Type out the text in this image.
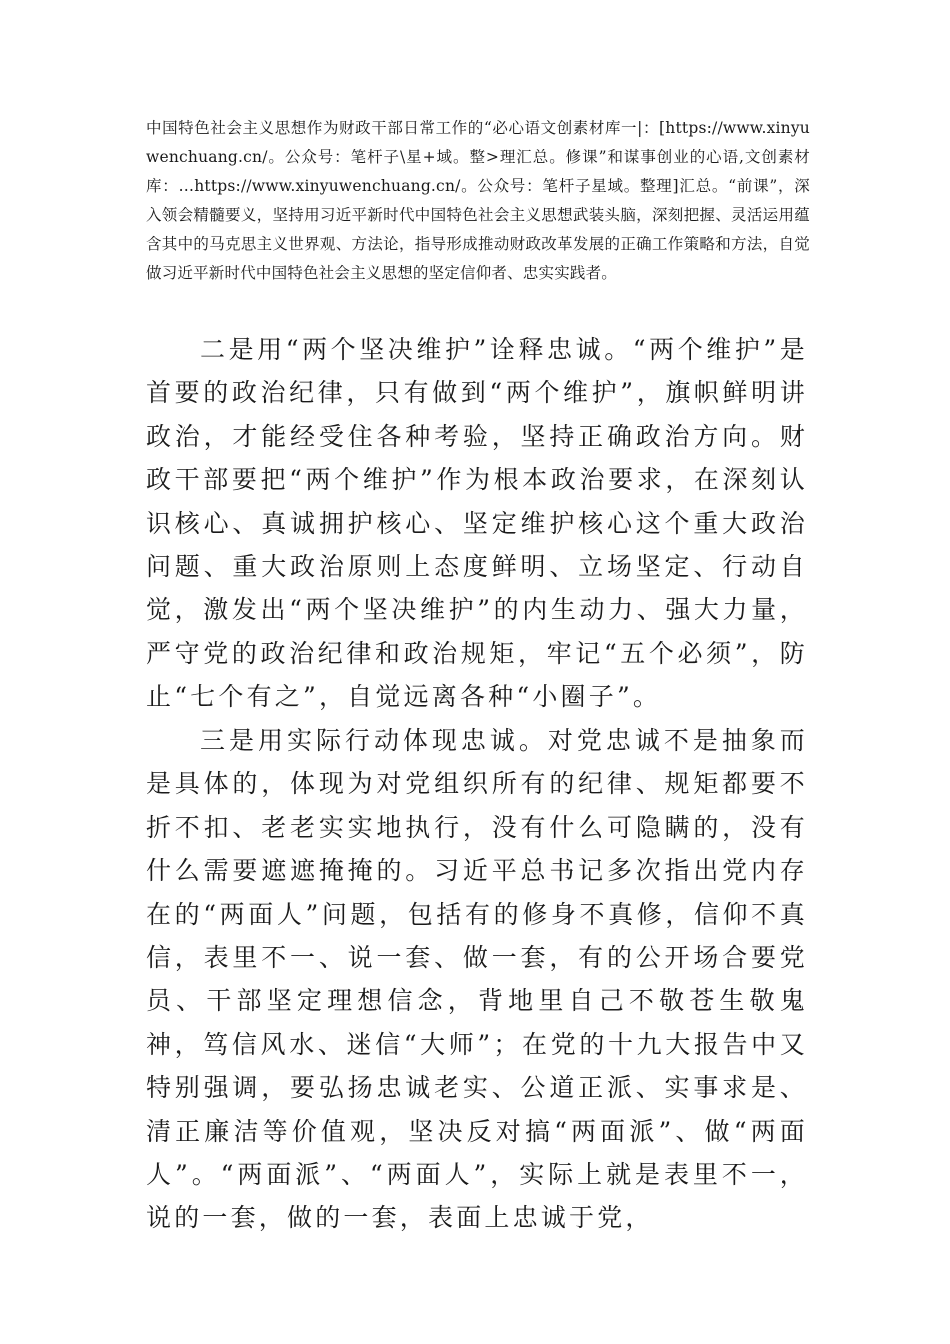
中国特色社会主义思想作为财政干部日常工作的“必心语文创素材库一|：[https://www.xinyuwenchuang.cn/。公众号：笔杆子\星+域。整>理汇总。修课”和谋事创业的心语,文创素材库：…https://www.xinyuwenchuang.cn/。公众号：笔杆子星域。整理]汇总。“前课”，深入领会精髓要义，坚持用习近平新时代中国特色社会主义思想武装头脑，深刻把握、灵活运用蕴含其中的马克思主义世界观、方法论，指导形成推动财政改革发展的正确工作策略和方法，自觉做习近平新时代中国特色社会主义思想的坚定信仰者、忠实实践者。

二是用“两个坚决维护”诠释忠诚。“两个维护”是首要的政治纪律，只有做到“两个维护”，旗帜鲜明讲政治，才能经受住各种考验，坚持正确政治方向。财政干部要把“两个维护”作为根本政治要求，在深刻认识核心、真诚拥护核心、坚定维护核心这个重大政治问题、重大政治原则上态度鲜明、立场坚定、行动自觉，激发出“两个坚决维护”的内生动力、强大力量，严守党的政治纪律和政治规矩，牢记“五个必须”，防止“七个有之”，自觉远离各种“小圈子”。

三是用实际行动体现忠诚。对党忠诚不是抽象而是具体的，体现为对党组织所有的纪律、规矩都要不折不扣、老老实实地执行，没有什么可隐瞒的，没有什么需要遮遮掩掩的。习近平总书记多次指出党内存在的“两面人”问题，包括有的修身不真修，信仰不真信，表里不一、说一套、做一套，有的公开场合要党员、干部坚定理想信念，背地里自己不敬苍生敬鬼神，笃信风水、迷信“大师”；在党的十九大报告中又特别强调，要弘扬忠诚老实、公道正派、实事求是、清正廉洁等价值观，坚决反对搞“两面派”、做“两面人”。“两面派”、“两面人”，实际上就是表里不一，说的一套，做的一套，表面上忠诚于党，
